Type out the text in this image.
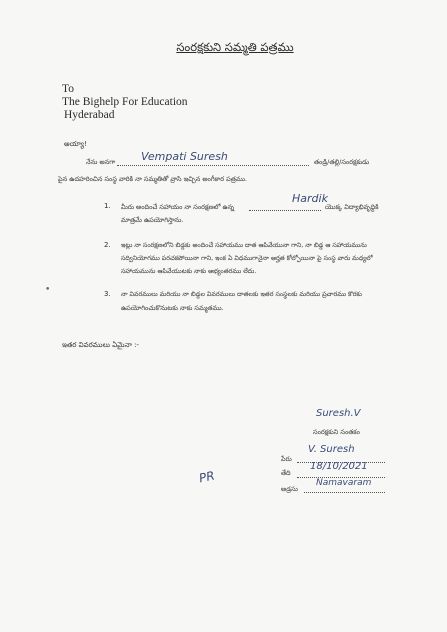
సంరక్షకుని సమ్మతి పత్రము
To
The Bighelp For Education
Hyderabad
అయ్యా!
నేను అనగా Vempati Suresh	తండ్రి/తల్లి/సంరక్షకుడు
పైన ఉదహరించిన సంస్థ వారికి నా సమ్మతితో వ్రాసి ఇచ్చిన అంగీకార పత్రము.
1. మీరు అందించే సహాయం నా సంరక్షణలో ఉన్న
Hardik
యొక్క విద్యాభివృద్ధికి
మాత్రమే ఉపయోగిస్తాను.
2. ఇట్లు నా సంరక్షణలోని బిడ్డకు అందించే సహాయము దాత ఆపివేయునా గాని, నా బిడ్డ ఆ సహాయమును
సద్వినియోగము పరచకపోయినా గాని, ఇంక ఏ విధముగానైనా అర్హత కోల్పోయినా పై సంస్థ వారు మధ్యలో
సహాయమును ఆపివేయుటకు నాకు అభ్యంతరము లేదు.
•	3. నా వివరములు మరియు నా బిడ్డల వివరములు దాతలకు ఇతర సంస్థలకు మరియు ప్రచారము కొరకు
ఉపయోగించుకొనుటకు నాకు సమ్మతము.
ఇతర వివరములు ఏమైనా :-
Suresh.V
సంరక్షకుని సంతకం
పేరు
V. Suresh
తేది
18/10/2021
అడ్రసు
Namavaram
PR
